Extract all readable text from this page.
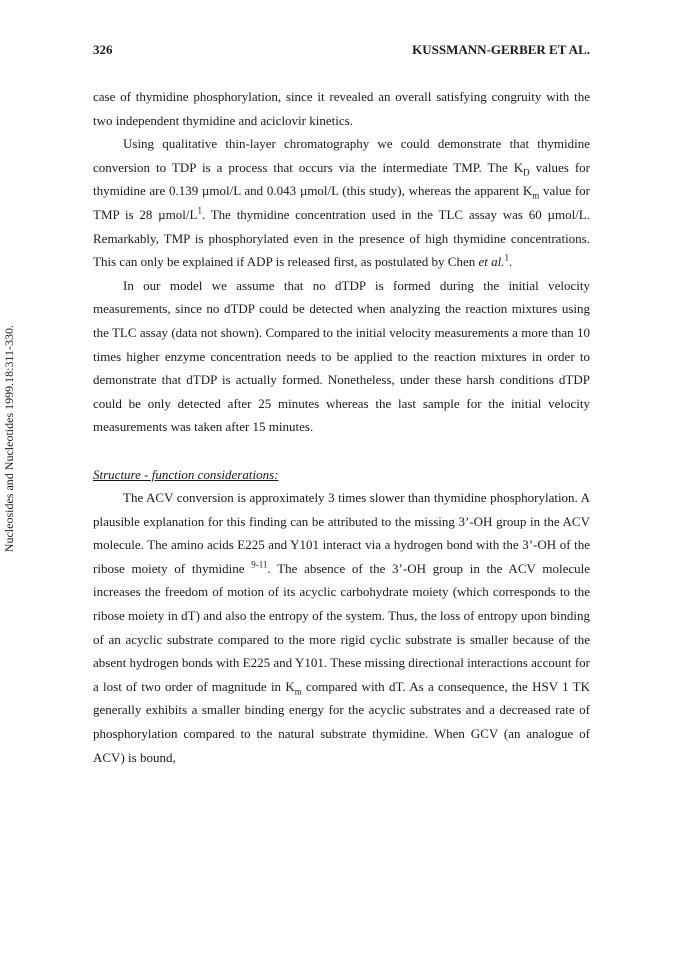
326	KUSSMANN-GERBER ET AL.
Nucleosides and Nucleotides 1999.18:311-330.

case of thymidine phosphorylation, since it revealed an overall satisfying congruity with the two independent thymidine and aciclovir kinetics.

Using qualitative thin-layer chromatography we could demonstrate that thymidine conversion to TDP is a process that occurs via the intermediate TMP. The $K_D$ values for thymidine are 0.139 µmol/L and 0.043 µmol/L (this study), whereas the apparent $K_m$ value for TMP is 28 µmol/$L^1$. The thymidine concentration used in the TLC assay was 60 µmol/L. Remarkably, TMP is phosphorylated even in the presence of high thymidine concentrations. This can only be explained if ADP is released first, as postulated by Chen et al.$^1$.

In our model we assume that no dTDP is formed during the initial velocity measurements, since no dTDP could be detected when analyzing the reaction mixtures using the TLC assay (data not shown). Compared to the initial velocity measurements a more than 10 times higher enzyme concentration needs to be applied to the reaction mixtures in order to demonstrate that dTDP is actually formed. Nonetheless, under these harsh conditions dTDP could be only detected after 25 minutes whereas the last sample for the initial velocity measurements was taken after 15 minutes.

Structure - function considerations:

The ACV conversion is approximately 3 times slower than thymidine phosphorylation. A plausible explanation for this finding can be attributed to the missing 3’-OH group in the ACV molecule. The amino acids E225 and Y101 interact via a hydrogen bond with the 3’-OH of the ribose moiety of thymidine $^{9-11}$. The absence of the 3’-OH group in the ACV molecule increases the freedom of motion of its acyclic carbohydrate moiety (which corresponds to the ribose moiety in dT) and also the entropy of the system. Thus, the loss of entropy upon binding of an acyclic substrate compared to the more rigid cyclic substrate is smaller because of the absent hydrogen bonds with E225 and Y101. These missing directional interactions account for a lost of two order of magnitude in $K_m$ compared with dT. As a consequence, the HSV 1 TK generally exhibits a smaller binding energy for the acyclic substrates and a decreased rate of phosphorylation compared to the natural substrate thymidine. When GCV (an analogue of ACV) is bound,
